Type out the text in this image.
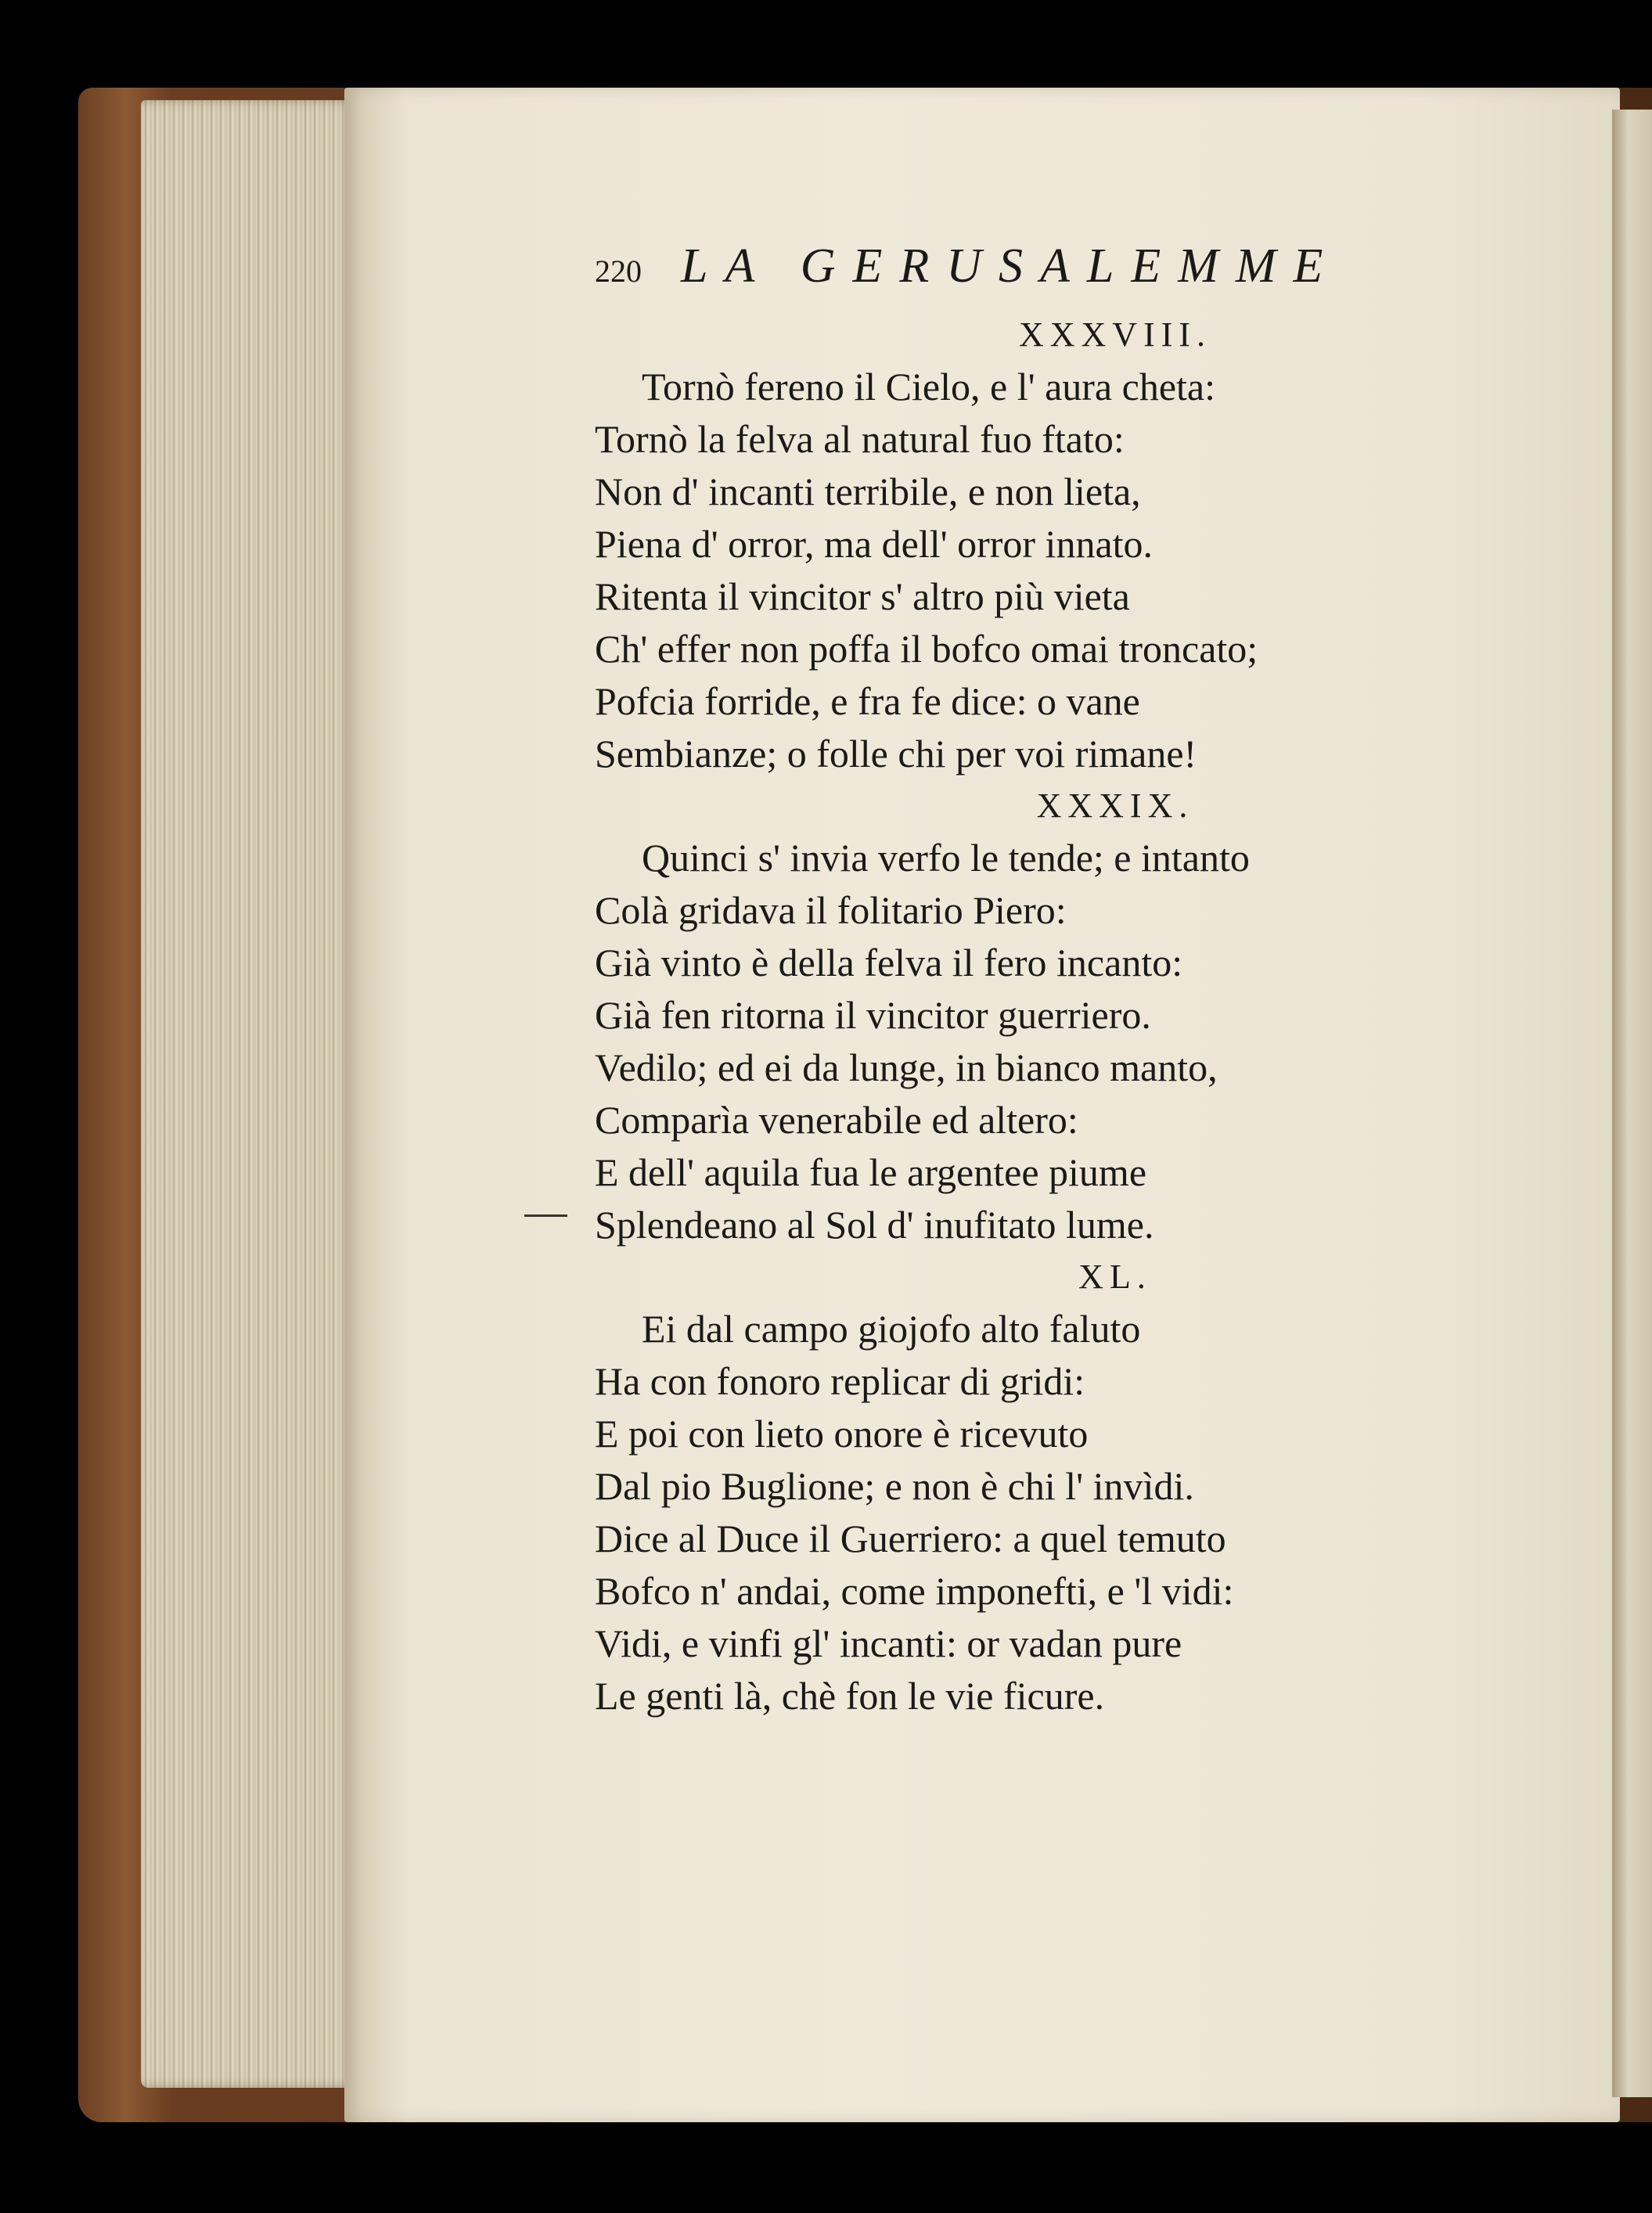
220 LA GERUSALEMME
XXXVIII.
Tornò fereno il Cielo, e l' aura cheta:
Tornò la felva al natural fuo ftato:
Non d' incanti terribile, e non lieta,
Piena d' orror, ma dell' orror innato.
Ritenta il vincitor s' altro più vieta
Ch' effer non poffa il bofco omai troncato;
Pofcia forride, e fra fe dice: o vane
Sembianze; o folle chi per voi rimane!
XXXIX.
Quinci s' invia verfo le tende; e intanto
Colà gridava il folitario Piero:
Già vinto è della felva il fero incanto:
Già fen ritorna il vincitor guerriero.
Vedilo; ed ei da lunge, in bianco manto,
Comparìa venerabile ed altero:
E dell' aquila fua le argentee piume
Splendeano al Sol d' inufitato lume.
XL.
Ei dal campo giojofo alto faluto
Ha con fonoro replicar di gridi:
E poi con lieto onore è ricevuto
Dal pio Buglione; e non è chi l' invìdi.
Dice al Duce il Guerriero: a quel temuto
Bofco n' andai, come imponefti, e 'l vidi:
Vidi, e vinfi gl' incanti: or vadan pure
Le genti là, chè fon le vie ficure.
